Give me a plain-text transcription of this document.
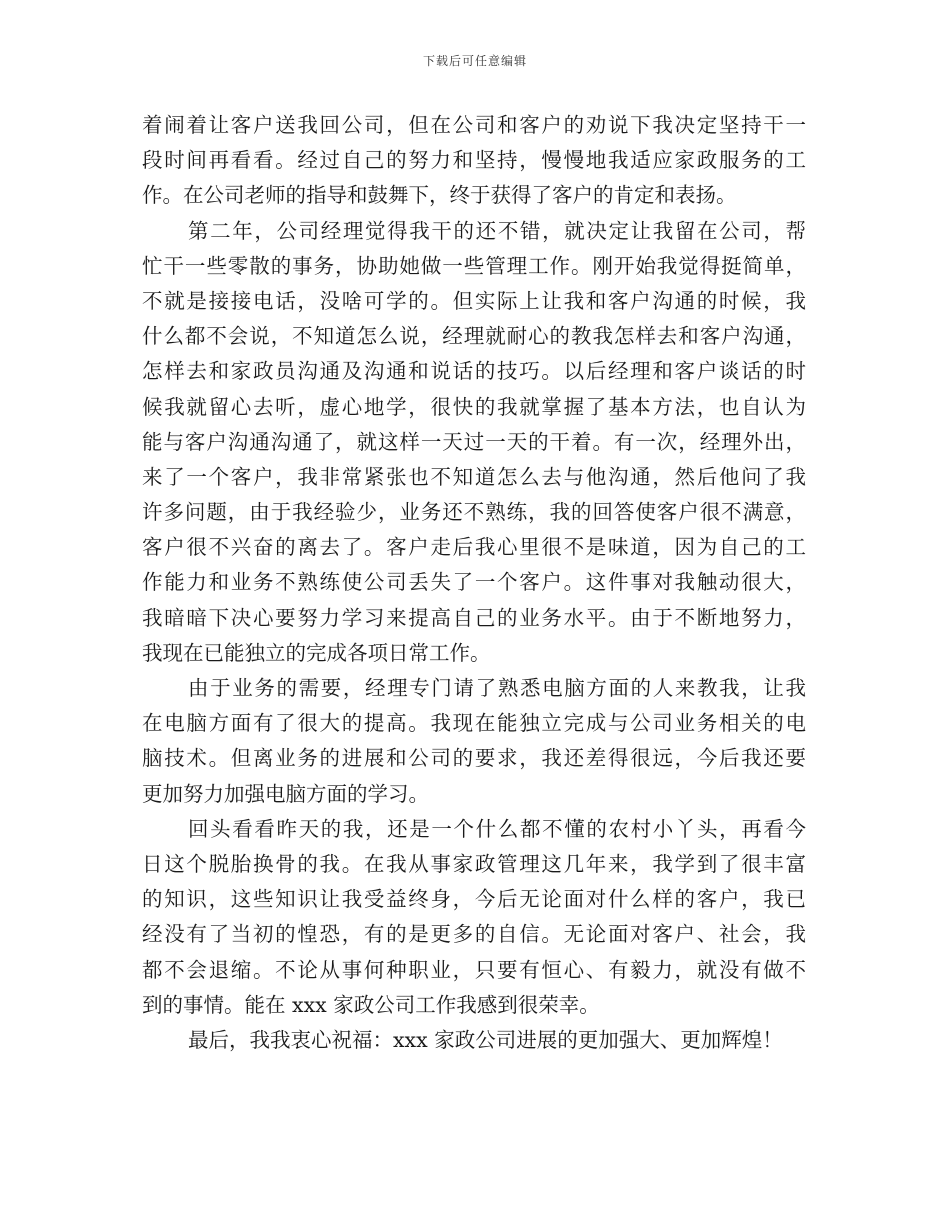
下载后可任意编辑
着闹着让客户送我回公司，但在公司和客户的劝说下我决定坚持干一
段时间再看看。经过自己的努力和坚持，慢慢地我适应家政服务的工
作。在公司老师的指导和鼓舞下，终于获得了客户的肯定和表扬。
第二年，公司经理觉得我干的还不错，就决定让我留在公司，帮
忙干一些零散的事务，协助她做一些管理工作。刚开始我觉得挺简单，
不就是接接电话，没啥可学的。但实际上让我和客户沟通的时候，我
什么都不会说，不知道怎么说，经理就耐心的教我怎样去和客户沟通，
怎样去和家政员沟通及沟通和说话的技巧。以后经理和客户谈话的时
候我就留心去听，虚心地学，很快的我就掌握了基本方法，也自认为
能与客户沟通沟通了，就这样一天过一天的干着。有一次，经理外出，
来了一个客户，我非常紧张也不知道怎么去与他沟通，然后他问了我
许多问题，由于我经验少，业务还不熟练，我的回答使客户很不满意，
客户很不兴奋的离去了。客户走后我心里很不是味道，因为自己的工
作能力和业务不熟练使公司丢失了一个客户。这件事对我触动很大，
我暗暗下决心要努力学习来提高自己的业务水平。由于不断地努力，
我现在已能独立的完成各项日常工作。
由于业务的需要，经理专门请了熟悉电脑方面的人来教我，让我
在电脑方面有了很大的提高。我现在能独立完成与公司业务相关的电
脑技术。但离业务的进展和公司的要求，我还差得很远，今后我还要
更加努力加强电脑方面的学习。
回头看看昨天的我，还是一个什么都不懂的农村小丫头，再看今
日这个脱胎换骨的我。在我从事家政管理这几年来，我学到了很丰富
的知识，这些知识让我受益终身，今后无论面对什么样的客户，我已
经没有了当初的惶恐，有的是更多的自信。无论面对客户、社会，我
都不会退缩。不论从事何种职业，只要有恒心、有毅力，就没有做不
到的事情。能在 xxx 家政公司工作我感到很荣幸。
最后，我我衷心祝福：xxx 家政公司进展的更加强大、更加辉煌！
